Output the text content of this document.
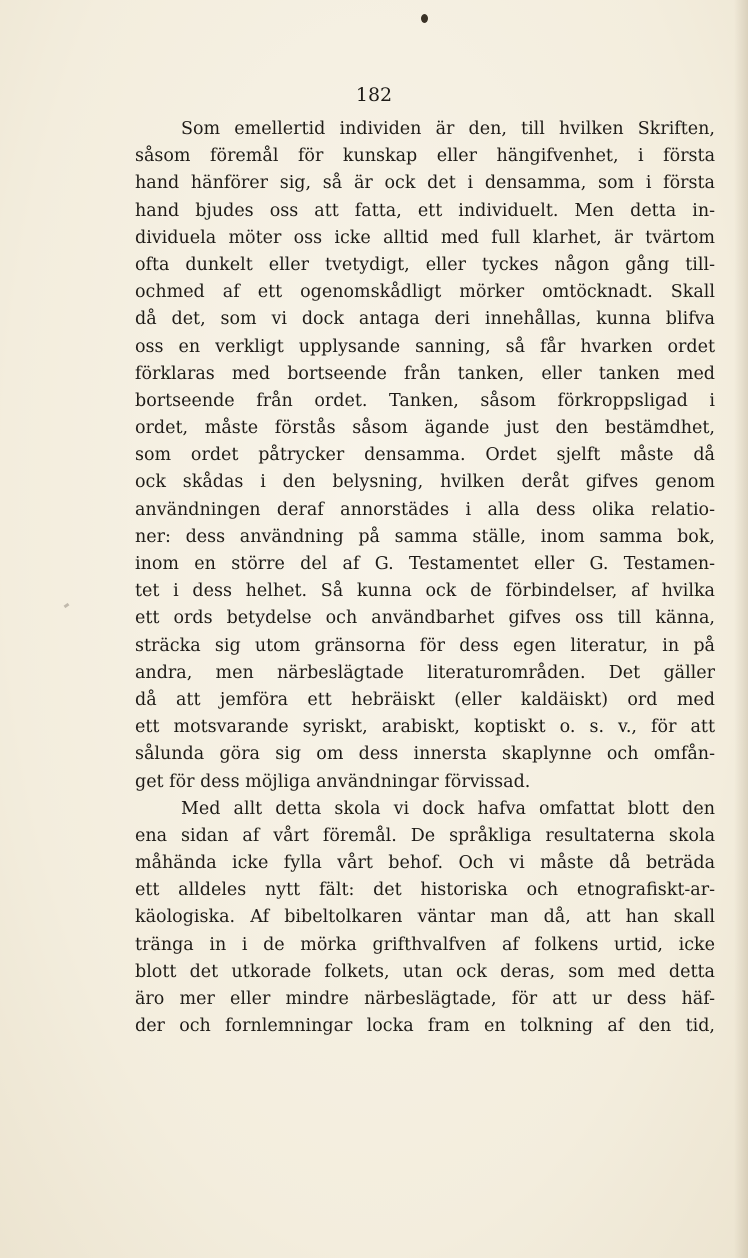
182
Som emellertid individen är den, till hvilken Skriften,
såsom föremål för kunskap eller hängifvenhet, i första
hand hänförer sig, så är ock det i densamma, som i första
hand bjudes oss att fatta, ett individuelt. Men detta in-
dividuela möter oss icke alltid med full klarhet, är tvärtom
ofta dunkelt eller tvetydigt, eller tyckes någon gång till-
ochmed af ett ogenomskådligt mörker omtöcknadt. Skall
då det, som vi dock antaga deri innehållas, kunna blifva
oss en verkligt upplysande sanning, så får hvarken ordet
förklaras med bortseende från tanken, eller tanken med
bortseende från ordet. Tanken, såsom förkroppsligad i
ordet, måste förstås såsom ägande just den bestämdhet,
som ordet påtrycker densamma. Ordet sjelft måste då
ock skådas i den belysning, hvilken deråt gifves genom
användningen deraf annorstädes i alla dess olika relatio-
ner: dess användning på samma ställe, inom samma bok,
inom en större del af G. Testamentet eller G. Testamen-
tet i dess helhet. Så kunna ock de förbindelser, af hvilka
ett ords betydelse och användbarhet gifves oss till känna,
sträcka sig utom gränsorna för dess egen literatur, in på
andra, men närbeslägtade literaturområden. Det gäller
då att jemföra ett hebräiskt (eller kaldäiskt) ord med
ett motsvarande syriskt, arabiskt, koptiskt o. s. v., för att
sålunda göra sig om dess innersta skaplynne och omfån-
get för dess möjliga användningar förvissad.
Med allt detta skola vi dock hafva omfattat blott den
ena sidan af vårt föremål. De språkliga resultaterna skola
måhända icke fylla vårt behof. Och vi måste då beträda
ett alldeles nytt fält: det historiska och etnografiskt-ar-
käologiska. Af bibeltolkaren väntar man då, att han skall
tränga in i de mörka grifthvalfven af folkens urtid, icke
blott det utkorade folkets, utan ock deras, som med detta
äro mer eller mindre närbeslägtade, för att ur dess häf-
der och fornlemningar locka fram en tolkning af den tid,
